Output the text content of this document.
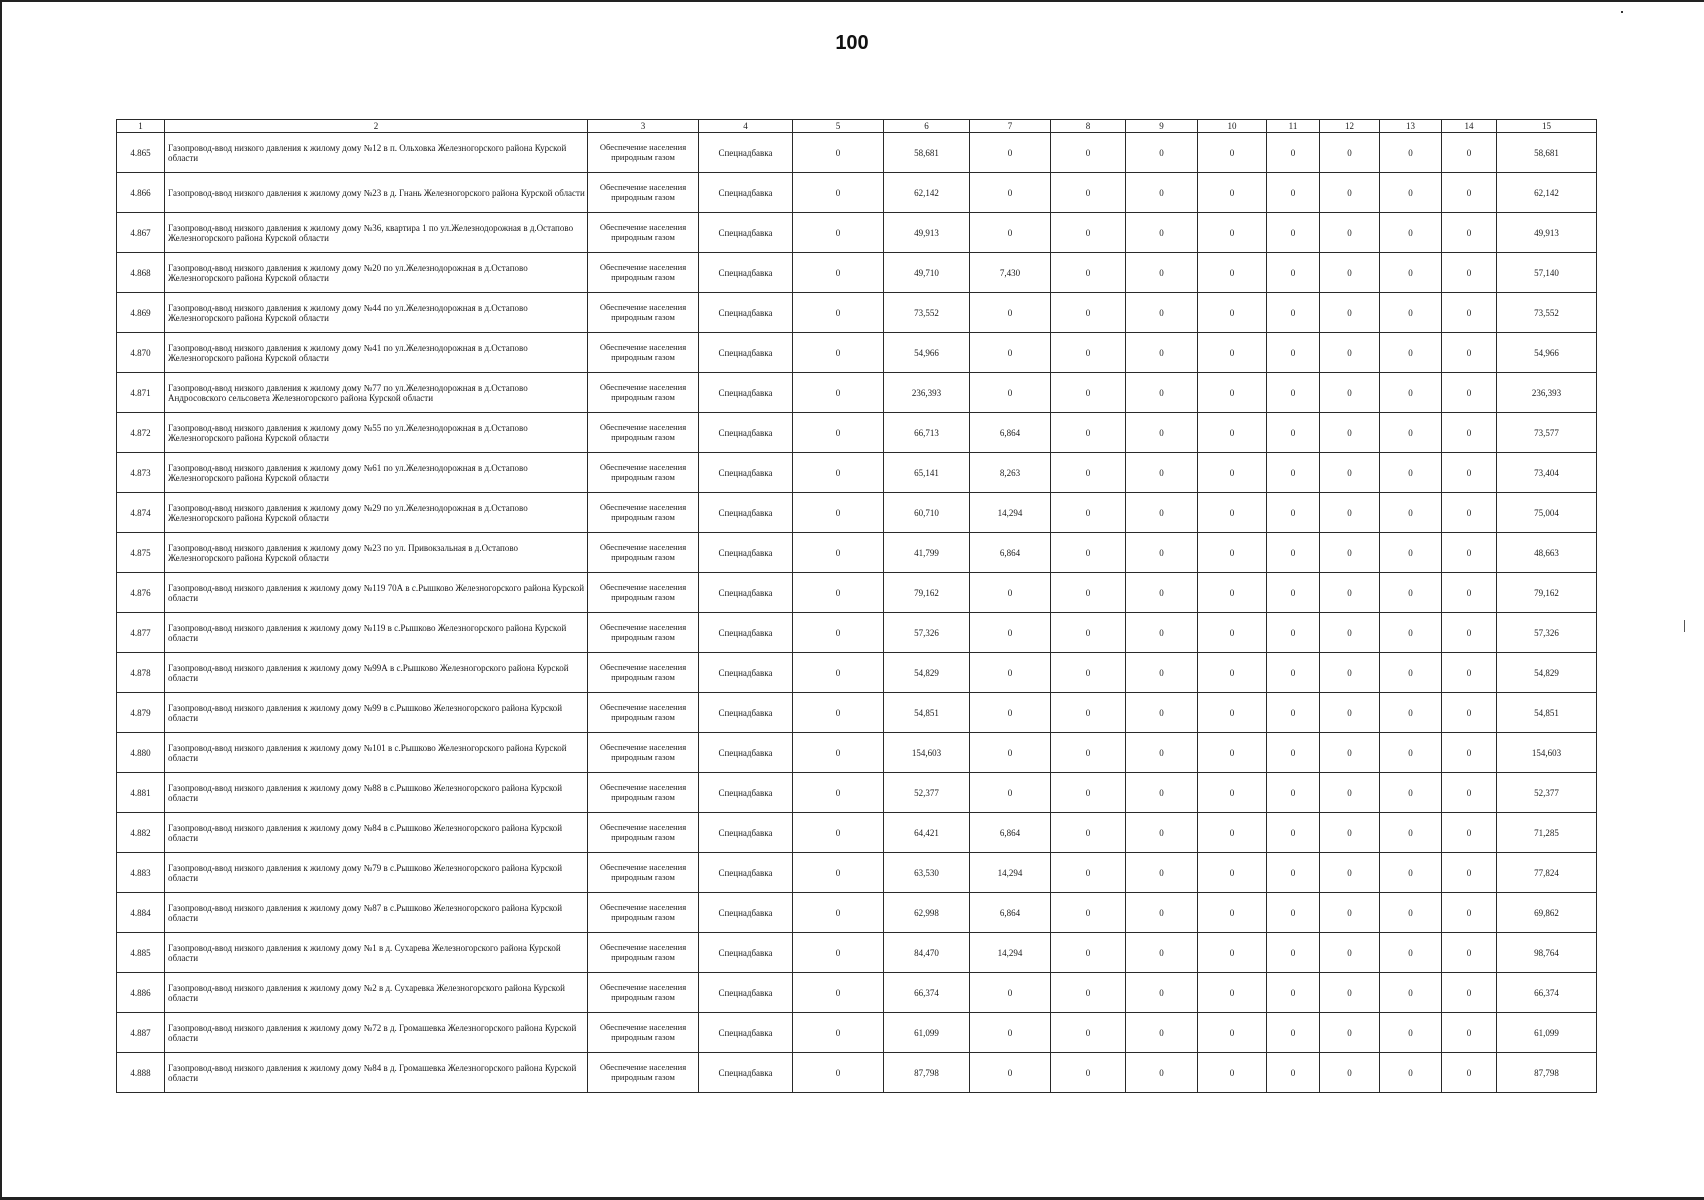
100
1	2	3	4	5	6	7	8	9	10	11	12	13	14	15
4.865	Газопровод-ввод низкого давления к жилому дому №12 в п. Ольховка Железногорского района Курской области	Обеспечение населения природным газом	Спецнадбавка	0	58,681	0	0	0	0	0	0	0	0	58,681
4.866	Газопровод-ввод низкого давления к жилому дому №23 в д. Гнань Железногорского района Курской области	Обеспечение населения природным газом	Спецнадбавка	0	62,142	0	0	0	0	0	0	0	0	62,142
4.867	Газопровод-ввод низкого давления к жилому дому №36, квартира 1 по ул.Железнодорожная в д.Остапово Железногорского района Курской области	Обеспечение населения природным газом	Спецнадбавка	0	49,913	0	0	0	0	0	0	0	0	49,913
4.868	Газопровод-ввод низкого давления к жилому дому №20 по ул.Железнодорожная в д.Остапово Железногорского района Курской области	Обеспечение населения природным газом	Спецнадбавка	0	49,710	7,430	0	0	0	0	0	0	0	57,140
4.869	Газопровод-ввод низкого давления к жилому дому №44 по ул.Железнодорожная в д.Остапово Железногорского района Курской области	Обеспечение населения природным газом	Спецнадбавка	0	73,552	0	0	0	0	0	0	0	0	73,552
4.870	Газопровод-ввод низкого давления к жилому дому №41 по ул.Железнодорожная в д.Остапово Железногорского района Курской области	Обеспечение населения природным газом	Спецнадбавка	0	54,966	0	0	0	0	0	0	0	0	54,966
4.871	Газопровод-ввод низкого давления к жилому дому №77 по ул.Железнодорожная в д.Остапово Андросовского сельсовета Железногорского района Курской области	Обеспечение населения природным газом	Спецнадбавка	0	236,393	0	0	0	0	0	0	0	0	236,393
4.872	Газопровод-ввод низкого давления к жилому дому №55 по ул.Железнодорожная в д.Остапово Железногорского района Курской области	Обеспечение населения природным газом	Спецнадбавка	0	66,713	6,864	0	0	0	0	0	0	0	73,577
4.873	Газопровод-ввод низкого давления к жилому дому №61 по ул.Железнодорожная в д.Остапово Железногорского района Курской области	Обеспечение населения природным газом	Спецнадбавка	0	65,141	8,263	0	0	0	0	0	0	0	73,404
4.874	Газопровод-ввод низкого давления к жилому дому №29 по ул.Железнодорожная в д.Остапово Железногорского района Курской области	Обеспечение населения природным газом	Спецнадбавка	0	60,710	14,294	0	0	0	0	0	0	0	75,004
4.875	Газопровод-ввод низкого давления к жилому дому №23 по ул. Привокзальная в д.Остапово Железногорского района Курской области	Обеспечение населения природным газом	Спецнадбавка	0	41,799	6,864	0	0	0	0	0	0	0	48,663
4.876	Газопровод-ввод низкого давления к жилому дому №119 70А в с.Рышково Железногорского района Курской области	Обеспечение населения природным газом	Спецнадбавка	0	79,162	0	0	0	0	0	0	0	0	79,162
4.877	Газопровод-ввод низкого давления к жилому дому №119 в с.Рышково Железногорского района Курской области	Обеспечение населения природным газом	Спецнадбавка	0	57,326	0	0	0	0	0	0	0	0	57,326
4.878	Газопровод-ввод низкого давления к жилому дому №99А в с.Рышково Железногорского района Курской области	Обеспечение населения природным газом	Спецнадбавка	0	54,829	0	0	0	0	0	0	0	0	54,829
4.879	Газопровод-ввод низкого давления к жилому дому №99 в с.Рышково Железногорского района Курской области	Обеспечение населения природным газом	Спецнадбавка	0	54,851	0	0	0	0	0	0	0	0	54,851
4.880	Газопровод-ввод низкого давления к жилому дому №101 в с.Рышково Железногорского района Курской области	Обеспечение населения природным газом	Спецнадбавка	0	154,603	0	0	0	0	0	0	0	0	154,603
4.881	Газопровод-ввод низкого давления к жилому дому №88 в с.Рышково Железногорского района Курской области	Обеспечение населения природным газом	Спецнадбавка	0	52,377	0	0	0	0	0	0	0	0	52,377
4.882	Газопровод-ввод низкого давления к жилому дому №84 в с.Рышково Железногорского района Курской области	Обеспечение населения природным газом	Спецнадбавка	0	64,421	6,864	0	0	0	0	0	0	0	71,285
4.883	Газопровод-ввод низкого давления к жилому дому №79 в с.Рышково Железногорского района Курской области	Обеспечение населения природным газом	Спецнадбавка	0	63,530	14,294	0	0	0	0	0	0	0	77,824
4.884	Газопровод-ввод низкого давления к жилому дому №87 в с.Рышково Железногорского района Курской области	Обеспечение населения природным газом	Спецнадбавка	0	62,998	6,864	0	0	0	0	0	0	0	69,862
4.885	Газопровод-ввод низкого давления к жилому дому №1 в д. Сухарева Железногорского района Курской области	Обеспечение населения природным газом	Спецнадбавка	0	84,470	14,294	0	0	0	0	0	0	0	98,764
4.886	Газопровод-ввод низкого давления к жилому дому №2 в д. Сухаревка Железногорского района Курской области	Обеспечение населения природным газом	Спецнадбавка	0	66,374	0	0	0	0	0	0	0	0	66,374
4.887	Газопровод-ввод низкого давления к жилому дому №72 в д. Громашевка Железногорского района Курской области	Обеспечение населения природным газом	Спецнадбавка	0	61,099	0	0	0	0	0	0	0	0	61,099
4.888	Газопровод-ввод низкого давления к жилому дому №84 в д. Громашевка Железногорского района Курской области	Обеспечение населения природным газом	Спецнадбавка	0	87,798	0	0	0	0	0	0	0	0	87,798
